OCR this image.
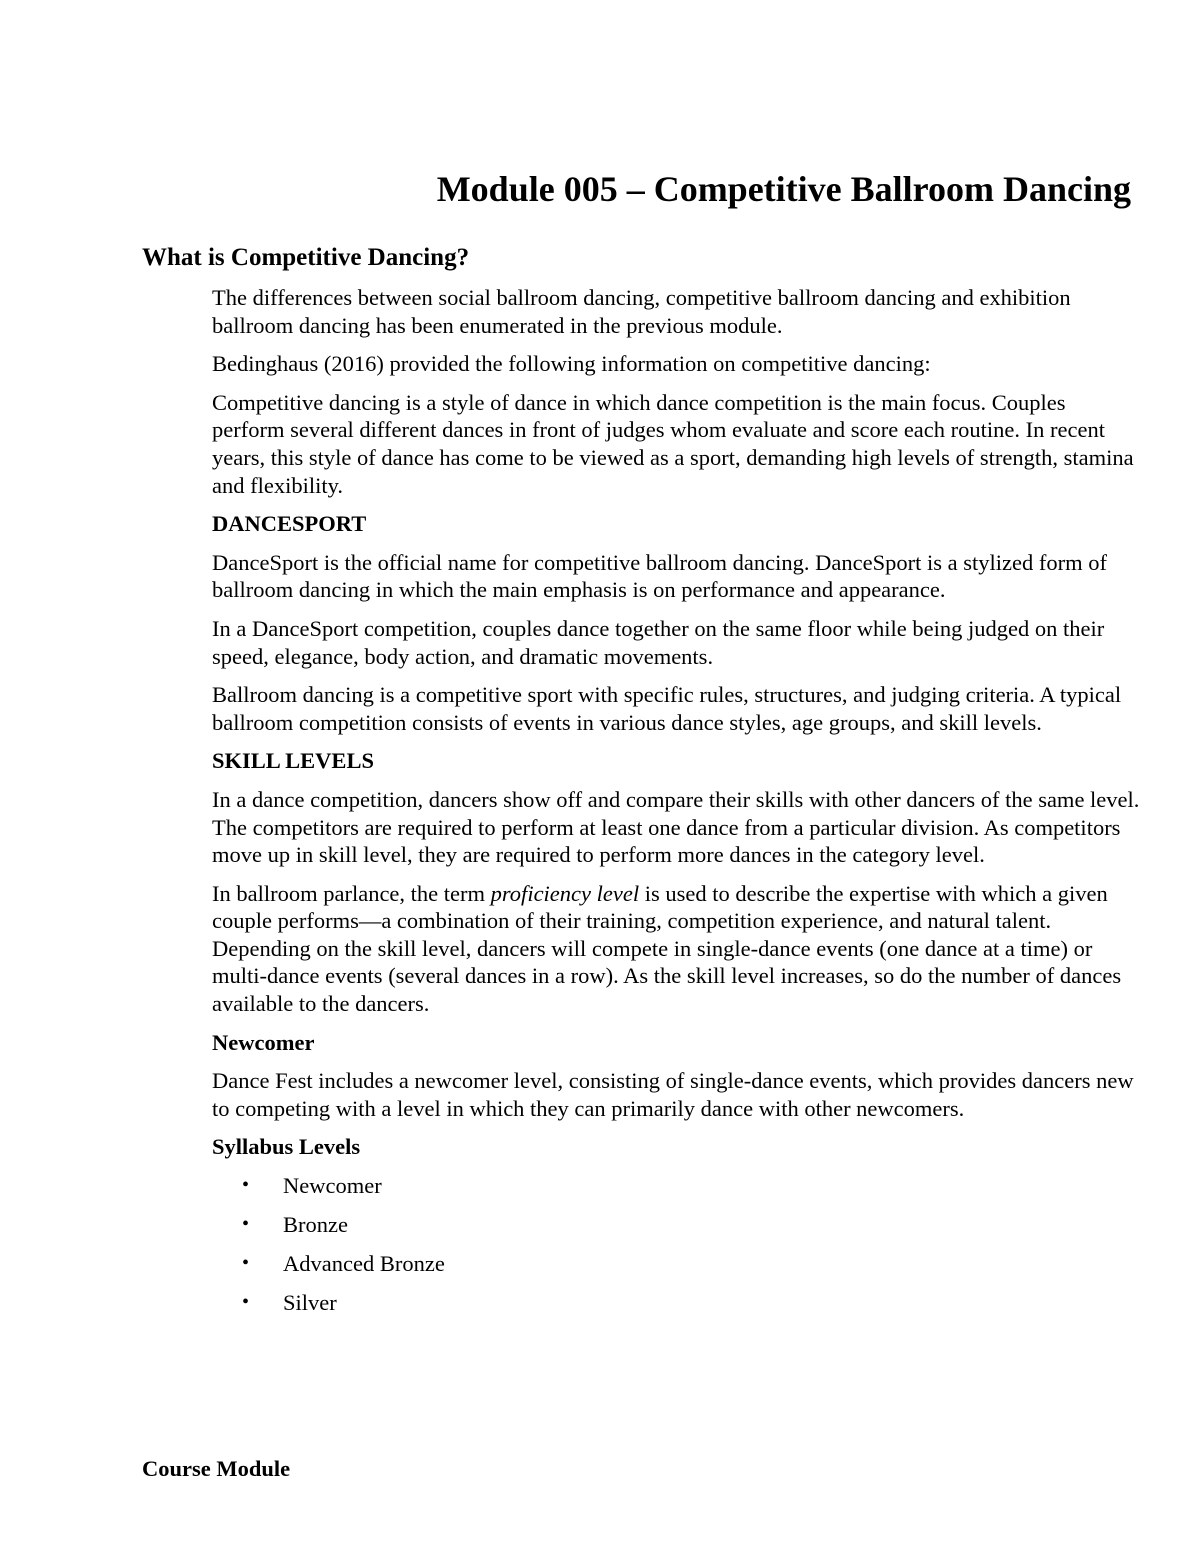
Module 005 – Competitive Ballroom Dancing
What is Competitive Dancing?

The differences between social ballroom dancing, competitive ballroom dancing and exhibition ballroom dancing has been enumerated in the previous module.

Bedinghaus (2016) provided the following information on competitive dancing:

Competitive dancing is a style of dance in which dance competition is the main focus. Couples perform several different dances in front of judges whom evaluate and score each routine. In recent years, this style of dance has come to be viewed as a sport, demanding high levels of strength, stamina and flexibility.

DANCESPORT

DanceSport is the official name for competitive ballroom dancing. DanceSport is a stylized form of ballroom dancing in which the main emphasis is on performance and appearance.

In a DanceSport competition, couples dance together on the same floor while being judged on their speed, elegance, body action, and dramatic movements.

Ballroom dancing is a competitive sport with specific rules, structures, and judging criteria. A typical ballroom competition consists of events in various dance styles, age groups, and skill levels.

SKILL LEVELS

In a dance competition, dancers show off and compare their skills with other dancers of the same level. The competitors are required to perform at least one dance from a particular division. As competitors move up in skill level, they are required to perform more dances in the category level.

In ballroom parlance, the term proficiency level is used to describe the expertise with which a given couple performs—a combination of their training, competition experience, and natural talent. Depending on the skill level, dancers will compete in single-dance events (one dance at a time) or multi-dance events (several dances in a row). As the skill level increases, so do the number of dances available to the dancers.

Newcomer

Dance Fest includes a newcomer level, consisting of single-dance events, which provides dancers new to competing with a level in which they can primarily dance with other newcomers.

Syllabus Levels
• Newcomer
• Bronze
• Advanced Bronze
• Silver
Course Module
